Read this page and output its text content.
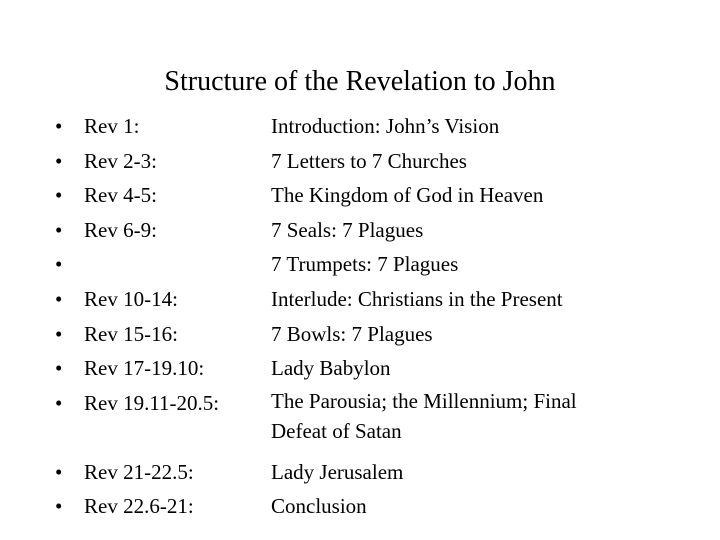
Structure of the Revelation to John
• Rev 1:	Introduction: John’s Vision
• Rev 2-3:	7 Letters to 7 Churches
• Rev 4-5:	The Kingdom of God in Heaven
• Rev 6-9:	7 Seals: 7 Plagues
•	7 Trumpets: 7 Plagues
• Rev 10-14:	Interlude: Christians in the Present
• Rev 15-16:	7 Bowls: 7 Plagues
• Rev 17-19.10:	Lady Babylon
• Rev 19.11-20.5: The Parousia; the Millennium; Final Defeat of Satan
• Rev 21-22.5:	Lady Jerusalem
• Rev 22.6-21:	Conclusion
